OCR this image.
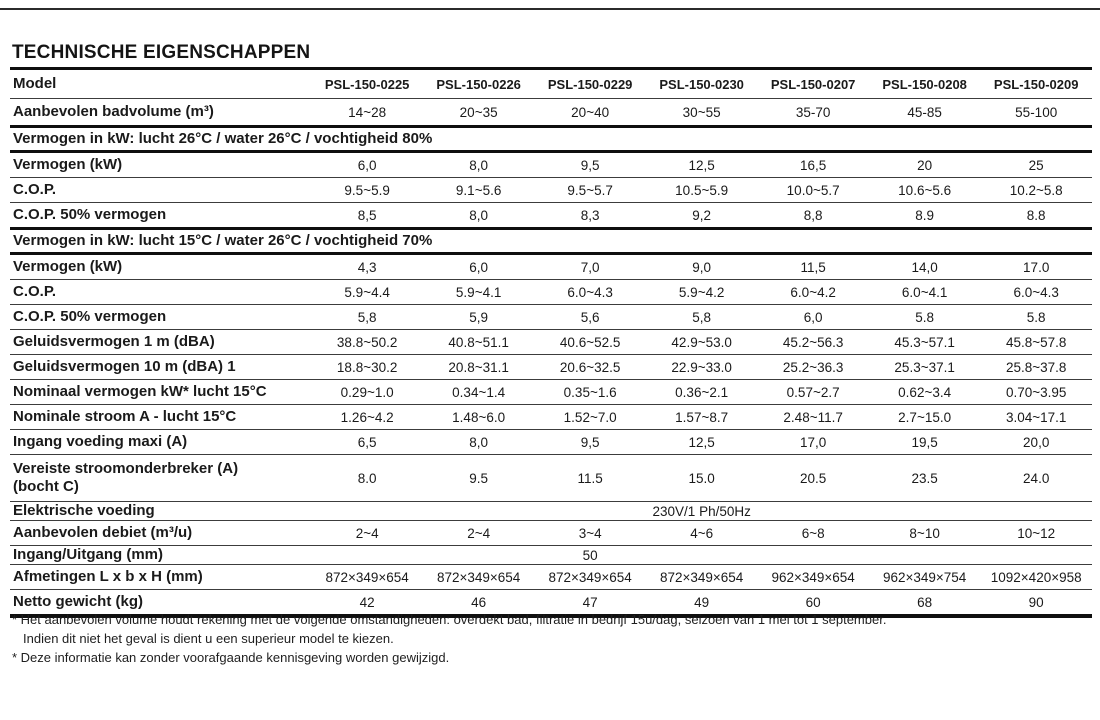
TECHNISCHE EIGENSCHAPPEN
Model	PSL-150-0225	PSL-150-0226	PSL-150-0229	PSL-150-0230	PSL-150-0207	PSL-150-0208	PSL-150-0209

Aanbevolen badvolume (m³)	14~28	20~35	20~40	30~55	35-70	45-85	55-100
Vermogen in kW: lucht 26°C / water 26°C / vochtigheid 80%							

Vermogen (kW)	6,0	8,0	9,5	12,5	16,5	20	25

C.O.P.	9.5~5.9	9.1~5.6	9.5~5.7	10.5~5.9	10.0~5.7	10.6~5.6	10.2~5.8

C.O.P. 50% vermogen	8,5	8,0	8,3	9,2	8,8	8.9	8.8
Vermogen in kW: lucht 15°C / water 26°C / vochtigheid 70%							

Vermogen (kW)	4,3	6,0	7,0	9,0	11,5	14,0	17.0

C.O.P.	5.9~4.4	5.9~4.1	6.0~4.3	5.9~4.2	6.0~4.2	6.0~4.1	6.0~4.3

C.O.P. 50% vermogen	5,8	5,9	5,6	5,8	6,0	5.8	5.8

Geluidsvermogen 1 m (dBA)	38.8~50.2	40.8~51.1	40.6~52.5	42.9~53.0	45.2~56.3	45.3~57.1	45.8~57.8

Geluidsvermogen 10 m (dBA) 1	18.8~30.2	20.8~31.1	20.6~32.5	22.9~33.0	25.2~36.3	25.3~37.1	25.8~37.8

Nominaal vermogen kW* lucht 15°C	0.29~1.0	0.34~1.4	0.35~1.6	0.36~2.1	0.57~2.7	0.62~3.4	0.70~3.95

Nominale stroom A - lucht 15°C	1.26~4.2	1.48~6.0	1.52~7.0	1.57~8.7	2.48~11.7	2.7~15.0	3.04~17.1

Ingang voeding maxi (A)	6,5	8,0	9,5	12,5	17,0	19,5	20,0

Vereiste stroomonderbreker (A)
(bocht C)	8.0	9.5	11.5	15.0	20.5	23.5	24.0
Elektrische voeding	230V/1 Ph/50Hz						

Aanbevolen debiet (m³/u)	2~4	2~4	3~4	4~6	6~8	8~10	10~12
Ingang/Uitgang (mm)	50						

Afmetingen L x b x H (mm)	872×349×654	872×349×654	872×349×654	872×349×654	962×349×654	962×349×754	1092×420×958

Netto gewicht (kg)	42	46	47	49	60	68	90

* Het aanbevolen volume houdt rekening met de volgende omstandigheden: overdekt bad, filtratie in bedrijf 15u/dag, seizoen van 1 mei tot 1 september.

Indien dit niet het geval is dient u een superieur model te kiezen.

* Deze informatie kan zonder voorafgaande kennisgeving worden gewijzigd.
